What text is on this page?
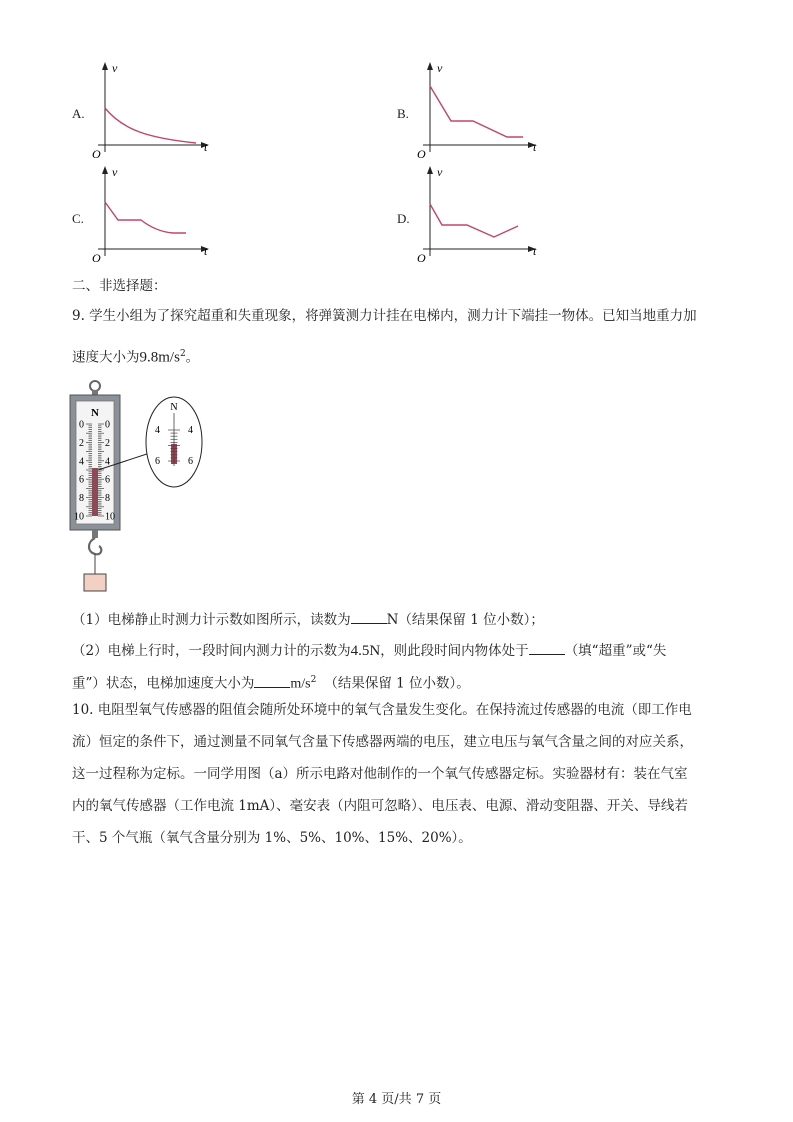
A.
v
t
O
B.
v
t
O
C.
v
t
O
D.
v
t
O
二、非选择题：
9. 学生小组为了探究超重和失重现象，将弹簧测力计挂在电梯内，测力计下端挂一物体。已知当地重力加
速度大小为$9.8m/s^2$。
N
0
2
4
6
8
10
0
2
4
6
8
10
N
4	4
6	6
（1）电梯静止时测力计示数如图所示，读数为	N（结果保留 1 位小数）；
（2）电梯上行时，一段时间内测力计的示数为4.5N，则此段时间内物体处于	（填“超重”或“失
重”）状态，电梯加速度大小为	$m/s^2$ （结果保留 1 位小数）。
10. 电阻型氧气传感器的阻值会随所处环境中的氧气含量发生变化。在保持流过传感器的电流（即工作电
流）恒定的条件下，通过测量不同氧气含量下传感器两端的电压，建立电压与氧气含量之间的对应关系，
这一过程称为定标。一同学用图（a）所示电路对他制作的一个氧气传感器定标。实验器材有：装在气室
内的氧气传感器（工作电流 1mA）、毫安表（内阻可忽略）、电压表、电源、滑动变阻器、开关、导线若
干、5 个气瓶（氧气含量分别为 1%、5%、10%、15%、20%）。
第 4 页/共 7 页
